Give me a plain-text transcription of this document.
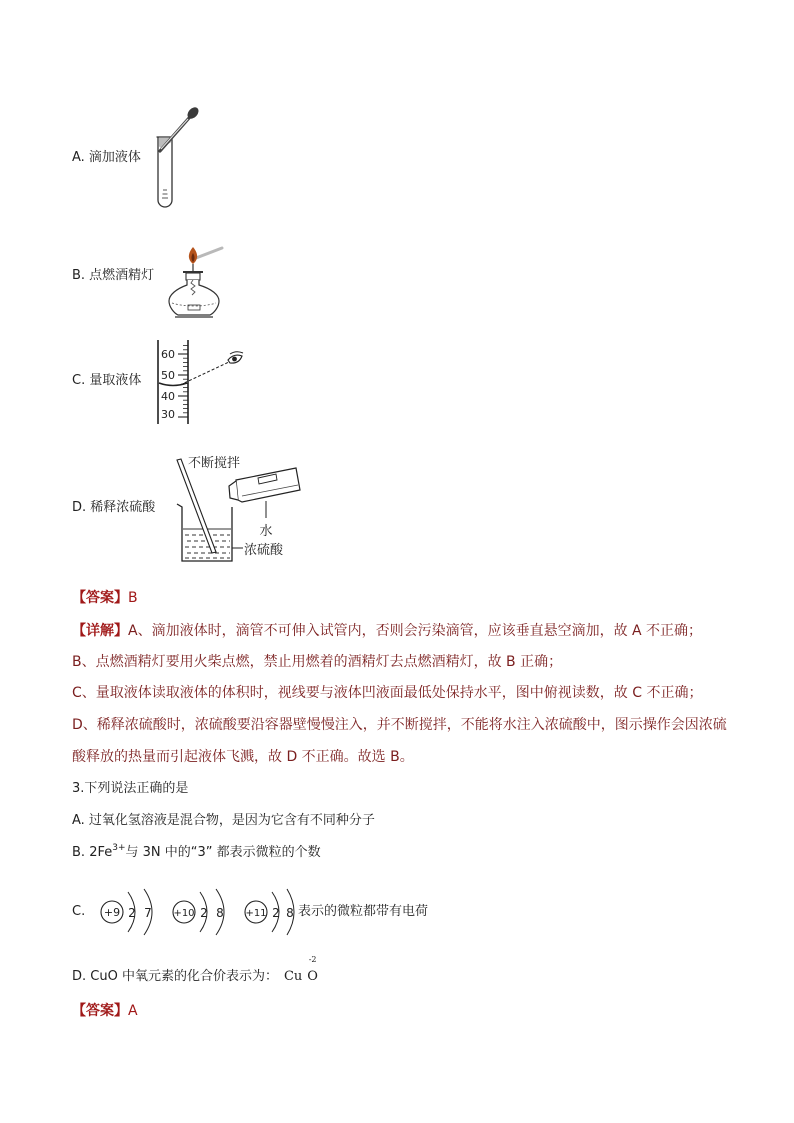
A. 滴加液体
B. 点燃酒精灯
C. 量取液体
60
50
40
30
D. 稀释浓硫酸
不断搅拌
水
浓硫酸
【答案】B
【详解】A、滴加液体时，滴管不可伸入试管内，否则会污染滴管，应该垂直悬空滴加，故 A 不正确；
B、点燃酒精灯要用火柴点燃，禁止用燃着的酒精灯去点燃酒精灯，故 B 正确；
C、量取液体读取液体的体积时，视线要与液体凹液面最低处保持水平，图中俯视读数，故 C 不正确；
D、稀释浓硫酸时，浓硫酸要沿容器壁慢慢注入，并不断搅拌，不能将水注入浓硫酸中，图示操作会因浓硫
酸释放的热量而引起液体飞溅，故 D 不正确。故选 B。
3.下列说法正确的是
A. 过氧化氢溶液是混合物，是因为它含有不同种分子
B. $2Fe^{3+}$与 3N 中的“3” 都表示微粒的个数
C. +9 2 7 +10 2 8 +11 2 8 表示的微粒都带有电荷
D. CuO 中氧元素的化合价表示为： Cu
-2
O
【答案】A
